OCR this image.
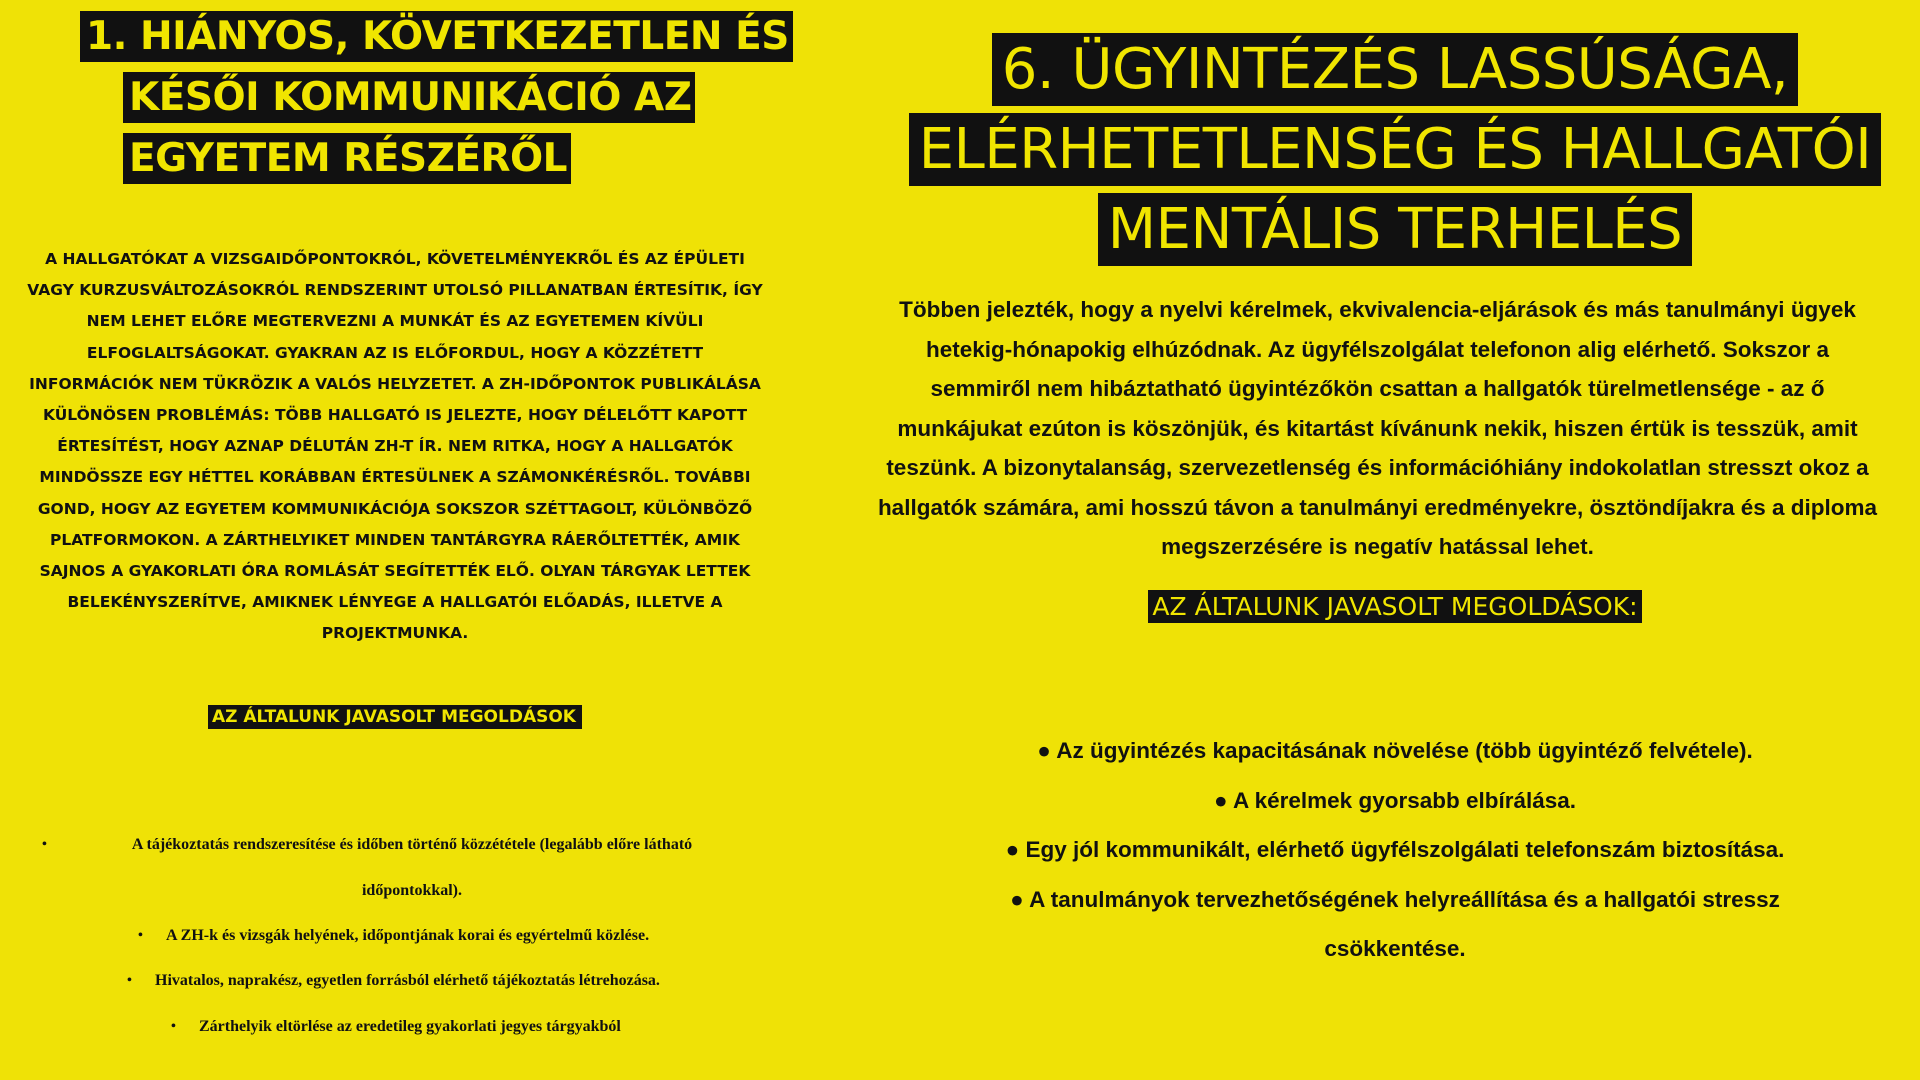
1. HIÁNYOS, KÖVETKEZETLEN ÉS
KÉSŐI KOMMUNIKÁCIÓ AZ
EGYETEM RÉSZÉRŐL

A HALLGATÓKAT A VIZSGAIDŐPONTOKRÓL, KÖVETELMÉNYEKRŐL ÉS AZ ÉPÜLETI VAGY KURZUSVÁLTOZÁSOKRÓL RENDSZERINT UTOLSÓ PILLANATBAN ÉRTESÍTIK, ÍGY NEM LEHET ELŐRE MEGTERVEZNI A MUNKÁT ÉS AZ EGYETEMEN KÍVÜLI ELFOGLALTSÁGOKAT. GYAKRAN AZ IS ELŐFORDUL, HOGY A KÖZZÉTETT INFORMÁCIÓK NEM TÜKRÖZIK A VALÓS HELYZETET. A ZH-IDŐPONTOK PUBLIKÁLÁSA KÜLÖNÖSEN PROBLÉMÁS: TÖBB HALLGATÓ IS JELEZTE, HOGY DÉLELŐTT KAPOTT ÉRTESÍTÉST, HOGY AZNAP DÉLUTÁN ZH-T ÍR. NEM RITKA, HOGY A HALLGATÓK MINDÖSSZE EGY HÉTTEL KORÁBBAN ÉRTESÜLNEK A SZÁMONKÉRÉSRŐL. TOVÁBBI GOND, HOGY AZ EGYETEM KOMMUNIKÁCIÓJA SOKSZOR SZÉTTAGOLT, KÜLÖNBÖZŐ PLATFORMOKON. A ZÁRTHELYIKET MINDEN TANTÁRGYRA RÁERŐLTETTÉK, AMIK SAJNOS A GYAKORLATI ÓRA ROMLÁSÁT SEGÍTETTÉK ELŐ. OLYAN TÁRGYAK LETTEK BELEKÉNYSZERÍTVE, AMIKNEK LÉNYEGE A HALLGATÓI ELŐADÁS, ILLETVE A PROJEKTMUNKA.

AZ ÁLTALUNK JAVASOLT MEGOLDÁSOK
•	A tájékoztatás rendszeresítése és időben történő közzététele (legalább előre látható időpontokkal).
• A ZH-k és vizsgák helyének, időpontjának korai és egyértelmű közlése.
• Hivatalos, naprakész, egyetlen forrásból elérhető tájékoztatás létrehozása.
• Zárthelyik eltörlése az eredetileg gyakorlati jegyes tárgyakból
6. ÜGYINTÉZÉS LASSÚSÁGA,
ELÉRHETETLENSÉG ÉS HALLGATÓI
MENTÁLIS TERHELÉS

Többen jelezték, hogy a nyelvi kérelmek, ekvivalencia-eljárások és más tanulmányi ügyek hetekig-hónapokig elhúzódnak. Az ügyfélszolgálat telefonon alig elérhető. Sokszor a semmiről nem hibáztatható ügyintézőkön csattan a hallgatók türelmetlensége - az ő munkájukat ezúton is köszönjük, és kitartást kívánunk nekik, hiszen értük is tesszük, amit teszünk. A bizonytalanság, szervezetlenség és információhiány indokolatlan stresszt okoz a hallgatók számára, ami hosszú távon a tanulmányi eredményekre, ösztöndíjakra és a diploma megszerzésére is negatív hatással lehet.

AZ ÁLTALUNK JAVASOLT MEGOLDÁSOK:
● Az ügyintézés kapacitásának növelése (több ügyintéző felvétele).
● A kérelmek gyorsabb elbírálása.
● Egy jól kommunikált, elérhető ügyfélszolgálati telefonszám biztosítása.
● A tanulmányok tervezhetőségének helyreállítása és a hallgatói stressz csökkentése.
